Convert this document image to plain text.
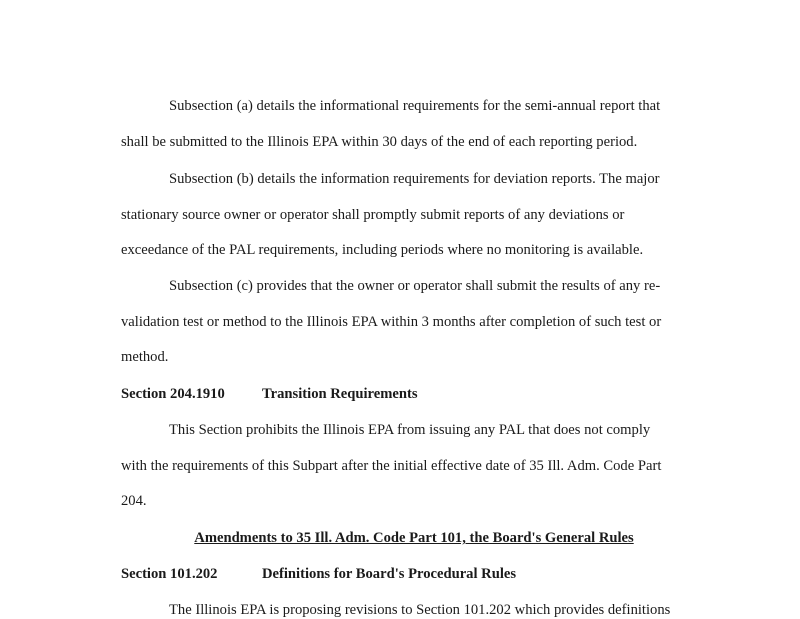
Subsection (a) details the informational requirements for the semi-annual report that
shall be submitted to the Illinois EPA within 30 days of the end of each reporting period.
Subsection (b) details the information requirements for deviation reports. The major
stationary source owner or operator shall promptly submit reports of any deviations or
exceedance of the PAL requirements, including periods where no monitoring is available.
Subsection (c) provides that the owner or operator shall submit the results of any re-
validation test or method to the Illinois EPA within 3 months after completion of such test or
method.
Section 204.1910	Transition Requirements
This Section prohibits the Illinois EPA from issuing any PAL that does not comply
with the requirements of this Subpart after the initial effective date of 35 Ill. Adm. Code Part
204.
Amendments to 35 Ill. Adm. Code Part 101, the Board's General Rules
Section 101.202	Definitions for Board's Procedural Rules
The Illinois EPA is proposing revisions to Section 101.202 which provides definitions
